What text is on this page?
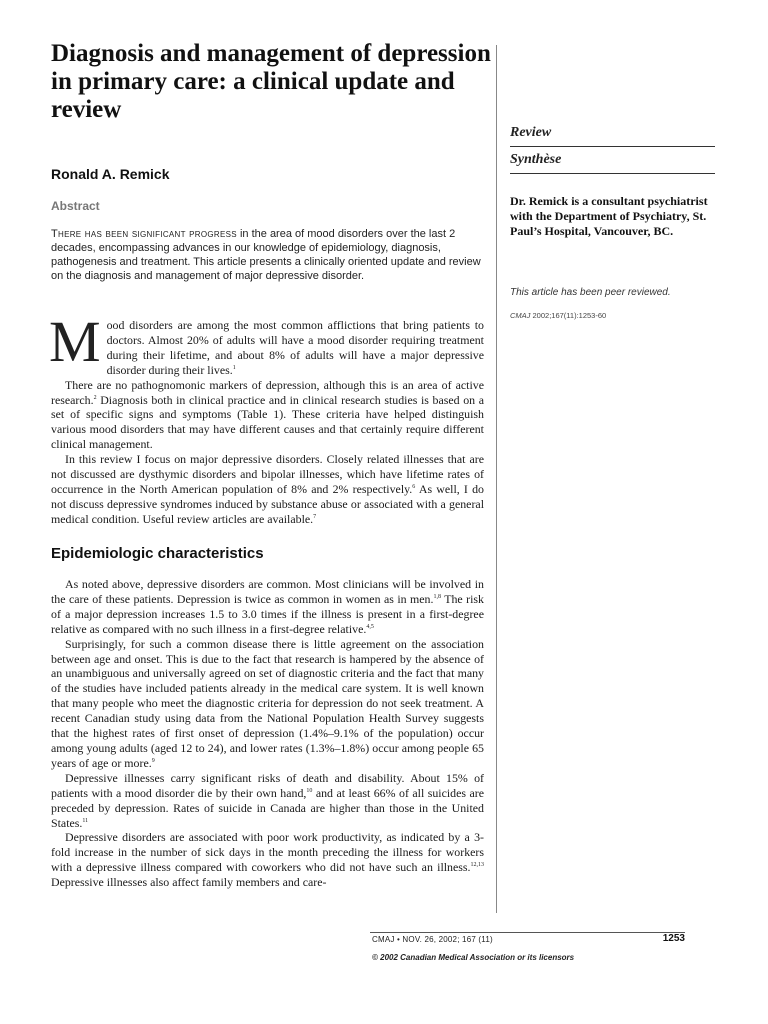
Diagnosis and management of depression in primary care: a clinical update and review
Ronald A. Remick
Abstract

There has been significant progress in the area of mood disorders over the last 2 decades, encompassing advances in our knowledge of epidemiology, diagnosis, pathogenesis and treatment. This article presents a clinically oriented update and review on the diagnosis and management of major depressive disorder.

Mood disorders are among the most common afflictions that bring patients to doctors. Almost 20% of adults will have a mood disorder requiring treatment during their lifetime, and about 8% of adults will have a major depressive disorder during their lives.$^1$

There are no pathognomonic markers of depression, although this is an area of active research.$^2$ Diagnosis both in clinical practice and in clinical research studies is based on a set of specific signs and symptoms (Table 1). These criteria have helped distinguish various mood disorders that may have different causes and that certainly require different clinical management.

In this review I focus on major depressive disorders. Closely related illnesses that are not discussed are dysthymic disorders and bipolar illnesses, which have lifetime rates of occurrence in the North American population of 8% and 2% respectively.$^6$ As well, I do not discuss depressive syndromes induced by substance abuse or associated with a general medical condition. Useful review articles are available.$^7$

Epidemiologic characteristics

As noted above, depressive disorders are common. Most clinicians will be involved in the care of these patients. Depression is twice as common in women as in men.$^{1,8}$ The risk of a major depression increases 1.5 to 3.0 times if the illness is present in a first-degree relative as compared with no such illness in a first-degree relative.$^{4,5}$

Surprisingly, for such a common disease there is little agreement on the association between age and onset. This is due to the fact that research is hampered by the absence of an unambiguous and universally agreed on set of diagnostic criteria and the fact that many of the studies have included patients already in the medical care system. It is well known that many people who meet the diagnostic criteria for depression do not seek treatment. A recent Canadian study using data from the National Population Health Survey suggests that the highest rates of first onset of depression (1.4%–9.1% of the population) occur among young adults (aged 12 to 24), and lower rates (1.3%–1.8%) occur among people 65 years of age or more.$^9$

Depressive illnesses carry significant risks of death and disability. About 15% of patients with a mood disorder die by their own hand,$^{10}$ and at least 66% of all suicides are preceded by depression. Rates of suicide in Canada are higher than those in the United States.$^{11}$

Depressive disorders are associated with poor work productivity, as indicated by a 3-fold increase in the number of sick days in the month preceding the illness for workers with a depressive illness compared with coworkers who did not have such an illness.$^{12,13}$ Depressive illnesses also affect family members and care-

Review
Synthèse

Dr. Remick is a consultant psychiatrist with the Department of Psychiatry, St. Paul’s Hospital, Vancouver, BC.

This article has been peer reviewed.

CMAJ 2002;167(11):1253-60

CMAJ • NOV. 26, 2002; 167 (11)	1253

© 2002 Canadian Medical Association or its licensors
